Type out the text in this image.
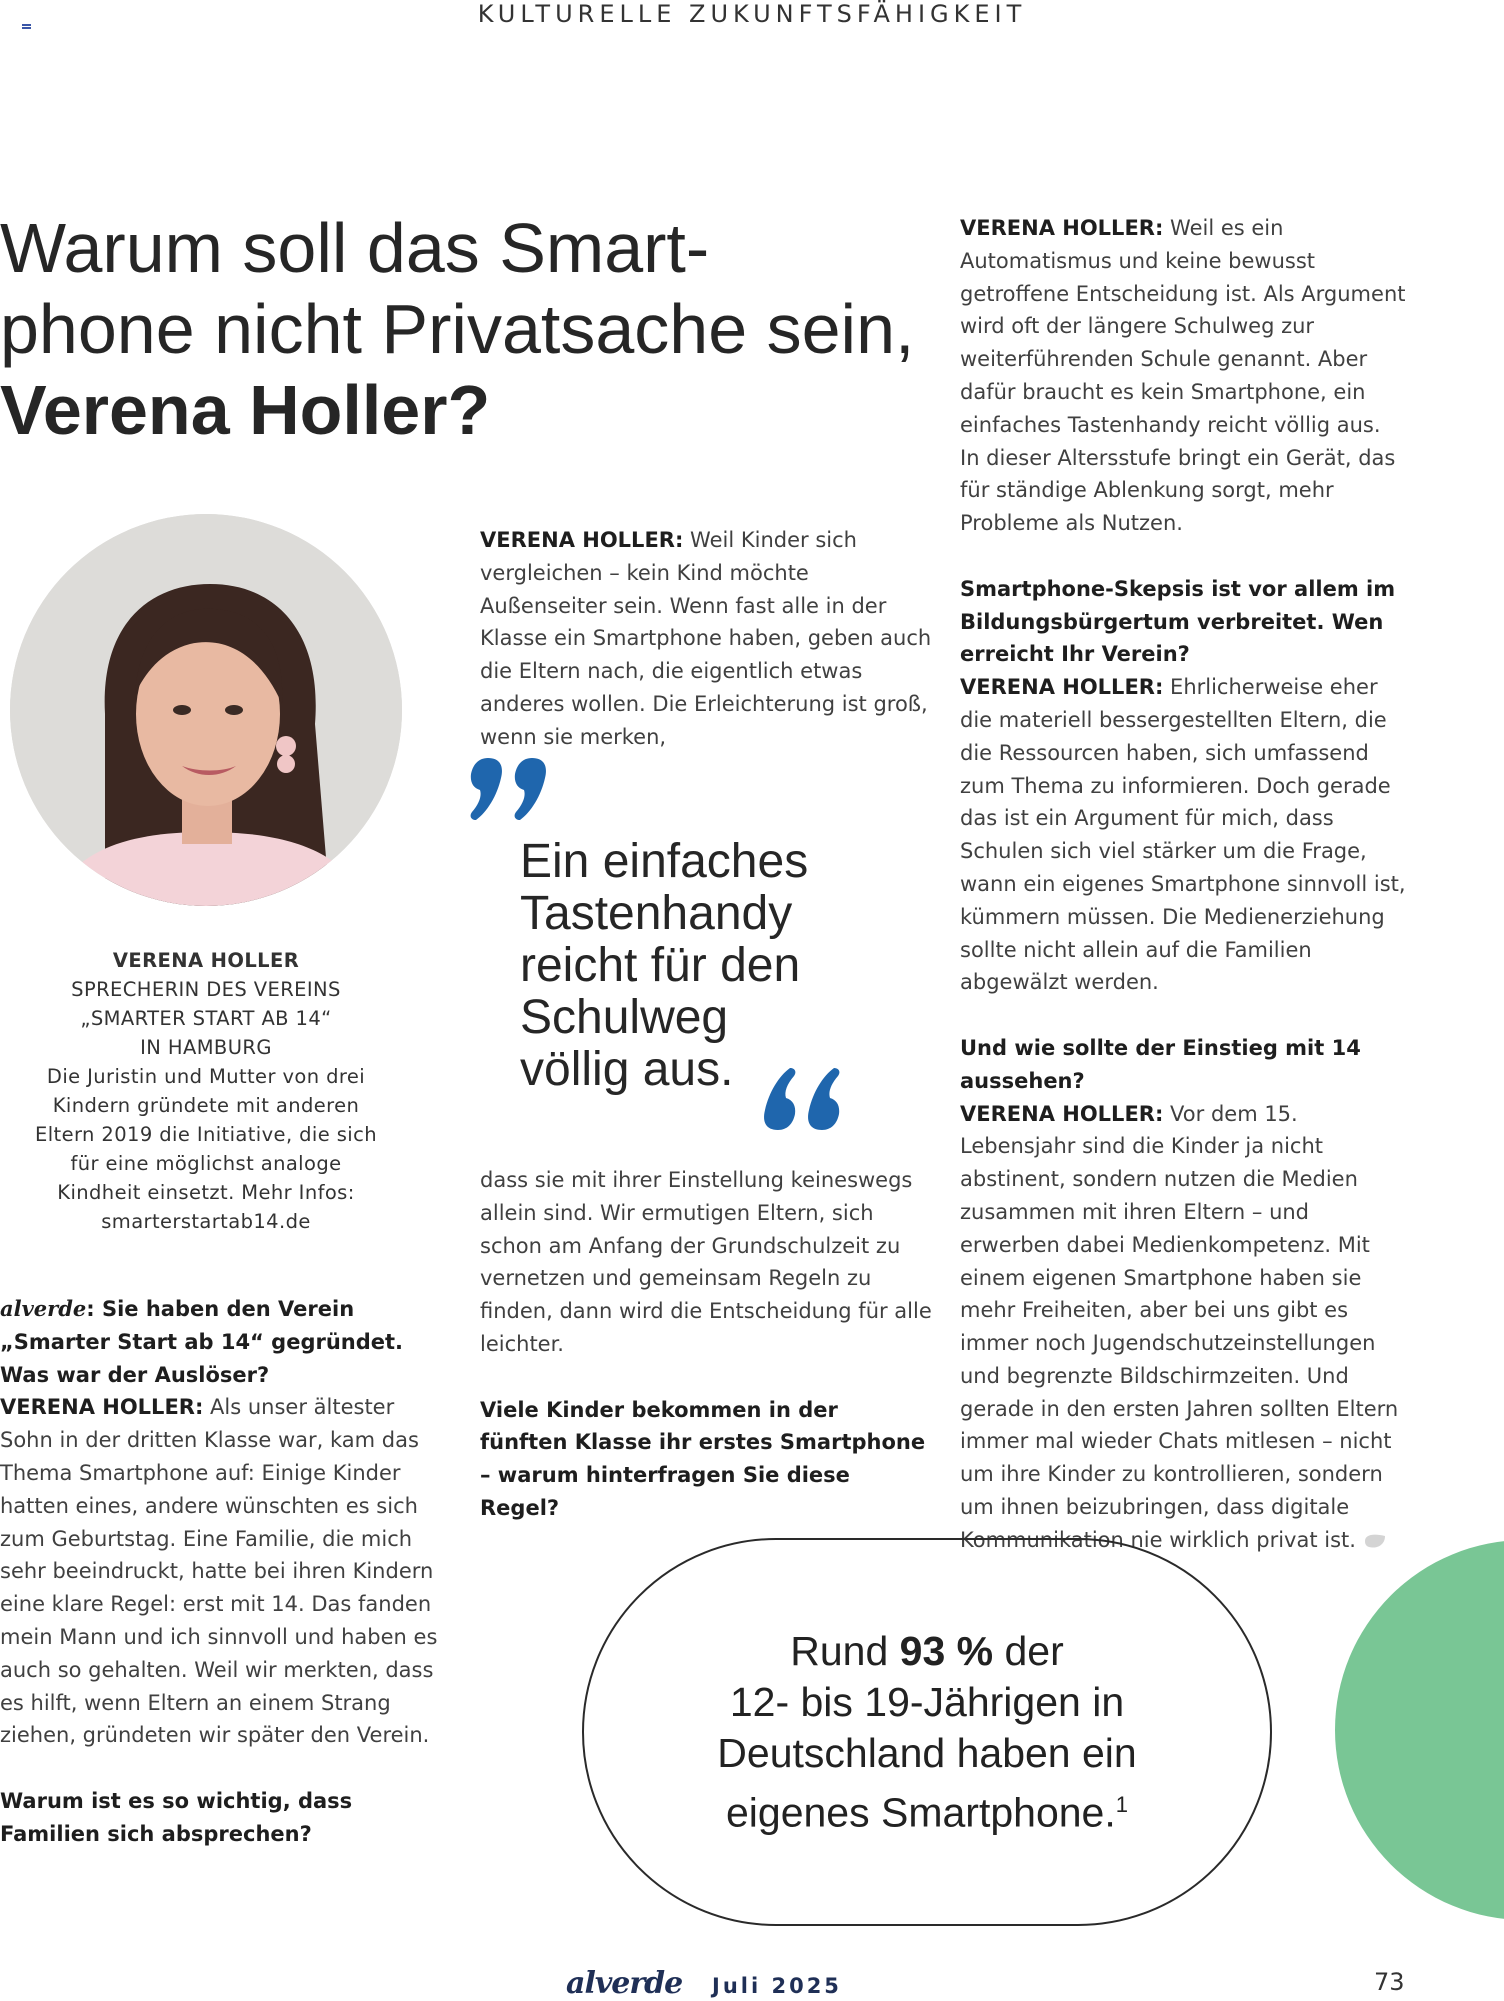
KULTURELLE ZUKUNFTSFÄHIGKEIT
Warum soll das Smart-
phone nicht Privatsache sein,
Verena Holler?
VERENA HOLLER
SPRECHERIN DES VEREINS
„SMARTER START AB 14“
IN HAMBURG
Die Juristin und Mutter von drei
Kindern gründete mit anderen
Eltern 2019 die Initiative, die sich
für eine möglichst analoge
Kindheit einsetzt. Mehr Infos:
smarterstartab14.de

alverde: Sie haben den Verein „Smarter Start ab 14“ gegründet. Was war der Auslöser?

VERENA HOLLER: Als unser ältester Sohn in der dritten Klasse war, kam das Thema Smartphone auf: Einige Kinder hatten eines, andere wünschten es sich zum Geburtstag. Eine Familie, die mich sehr beeindruckt, hatte bei ihren Kindern eine klare Regel: erst mit 14. Das fanden mein Mann und ich sinnvoll und haben es auch so gehalten. Weil wir merkten, dass es hilft, wenn Eltern an einem Strang ziehen, gründeten wir später den Verein.

Warum ist es so wichtig, dass Familien sich absprechen?

VERENA HOLLER: Weil Kinder sich vergleichen – kein Kind möchte Außenseiter sein. Wenn fast alle in der Klasse ein Smartphone haben, geben auch die Eltern nach, die eigentlich etwas anderes wollen. Die Erleichterung ist groß, wenn sie merken,

Ein einfaches
Tastenhandy
reicht für den
Schulweg
völlig aus.

dass sie mit ihrer Einstellung keineswegs allein sind. Wir ermutigen Eltern, sich schon am Anfang der Grundschulzeit zu vernetzen und gemeinsam Regeln zu finden, dann wird die Entscheidung für alle leichter.

Viele Kinder bekommen in der fünften Klasse ihr erstes Smartphone – warum hinterfragen Sie diese Regel?

VERENA HOLLER: Weil es ein Automatismus und keine bewusst getroffene Entscheidung ist. Als Argument wird oft der längere Schulweg zur weiterführenden Schule genannt. Aber dafür braucht es kein Smartphone, ein einfaches Tastenhandy reicht völlig aus. In dieser Altersstufe bringt ein Gerät, das für ständige Ablenkung sorgt, mehr Probleme als Nutzen.

Smartphone-Skepsis ist vor allem im Bildungsbürgertum verbreitet. Wen erreicht Ihr Verein?

VERENA HOLLER: Ehrlicherweise eher die materiell bessergestellten Eltern, die die Ressourcen haben, sich umfassend zum Thema zu informieren. Doch gerade das ist ein Argument für mich, dass Schulen sich viel stärker um die Frage, wann ein eigenes Smartphone sinnvoll ist, kümmern müssen. Die Medienerziehung sollte nicht allein auf die Familien abgewälzt werden.

Und wie sollte der Einstieg mit 14 aussehen?

VERENA HOLLER: Vor dem 15. Lebensjahr sind die Kinder ja nicht abstinent, sondern nutzen die Medien zusammen mit ihren Eltern – und erwerben dabei Medienkompetenz. Mit einem eigenen Smartphone haben sie mehr Freiheiten, aber bei uns gibt es immer noch Jugendschutzeinstellungen und begrenzte Bildschirmzeiten. Und gerade in den ersten Jahren sollten Eltern immer mal wieder Chats mitlesen – nicht um ihre Kinder zu kontrollieren, sondern um ihnen beizubringen, dass digitale Kommunikation nie wirklich privat ist.

Rund 93 % der
12- bis 19-Jährigen in
Deutschland haben ein
eigenes Smartphone.$^1$
alverde Juli 2025	73
